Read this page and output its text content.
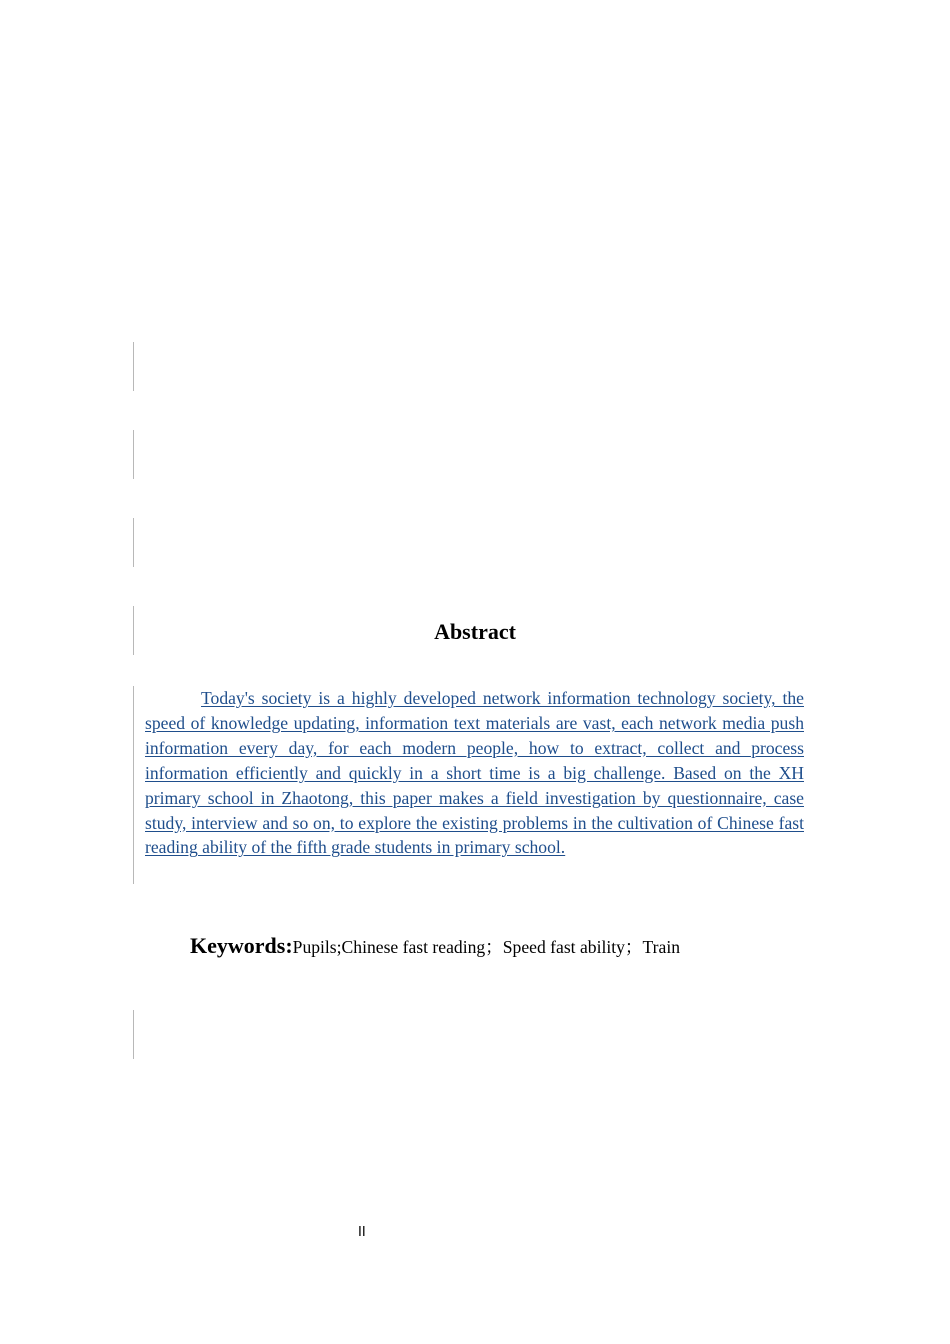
Abstract

Today's society is a highly developed network information technology society, the speed of knowledge updating, information text materials are vast, each network media push information every day, for each modern people, how to extract, collect and process information efficiently and quickly in a short time is a big challenge. Based on the XH primary school in Zhaotong, this paper makes a field investigation by questionnaire, case study, interview and so on, to explore the existing problems in the cultivation of Chinese fast reading ability of the fifth grade students in primary school.

Keywords:Pupils;Chinese fast reading；Speed fast ability；Train
II
